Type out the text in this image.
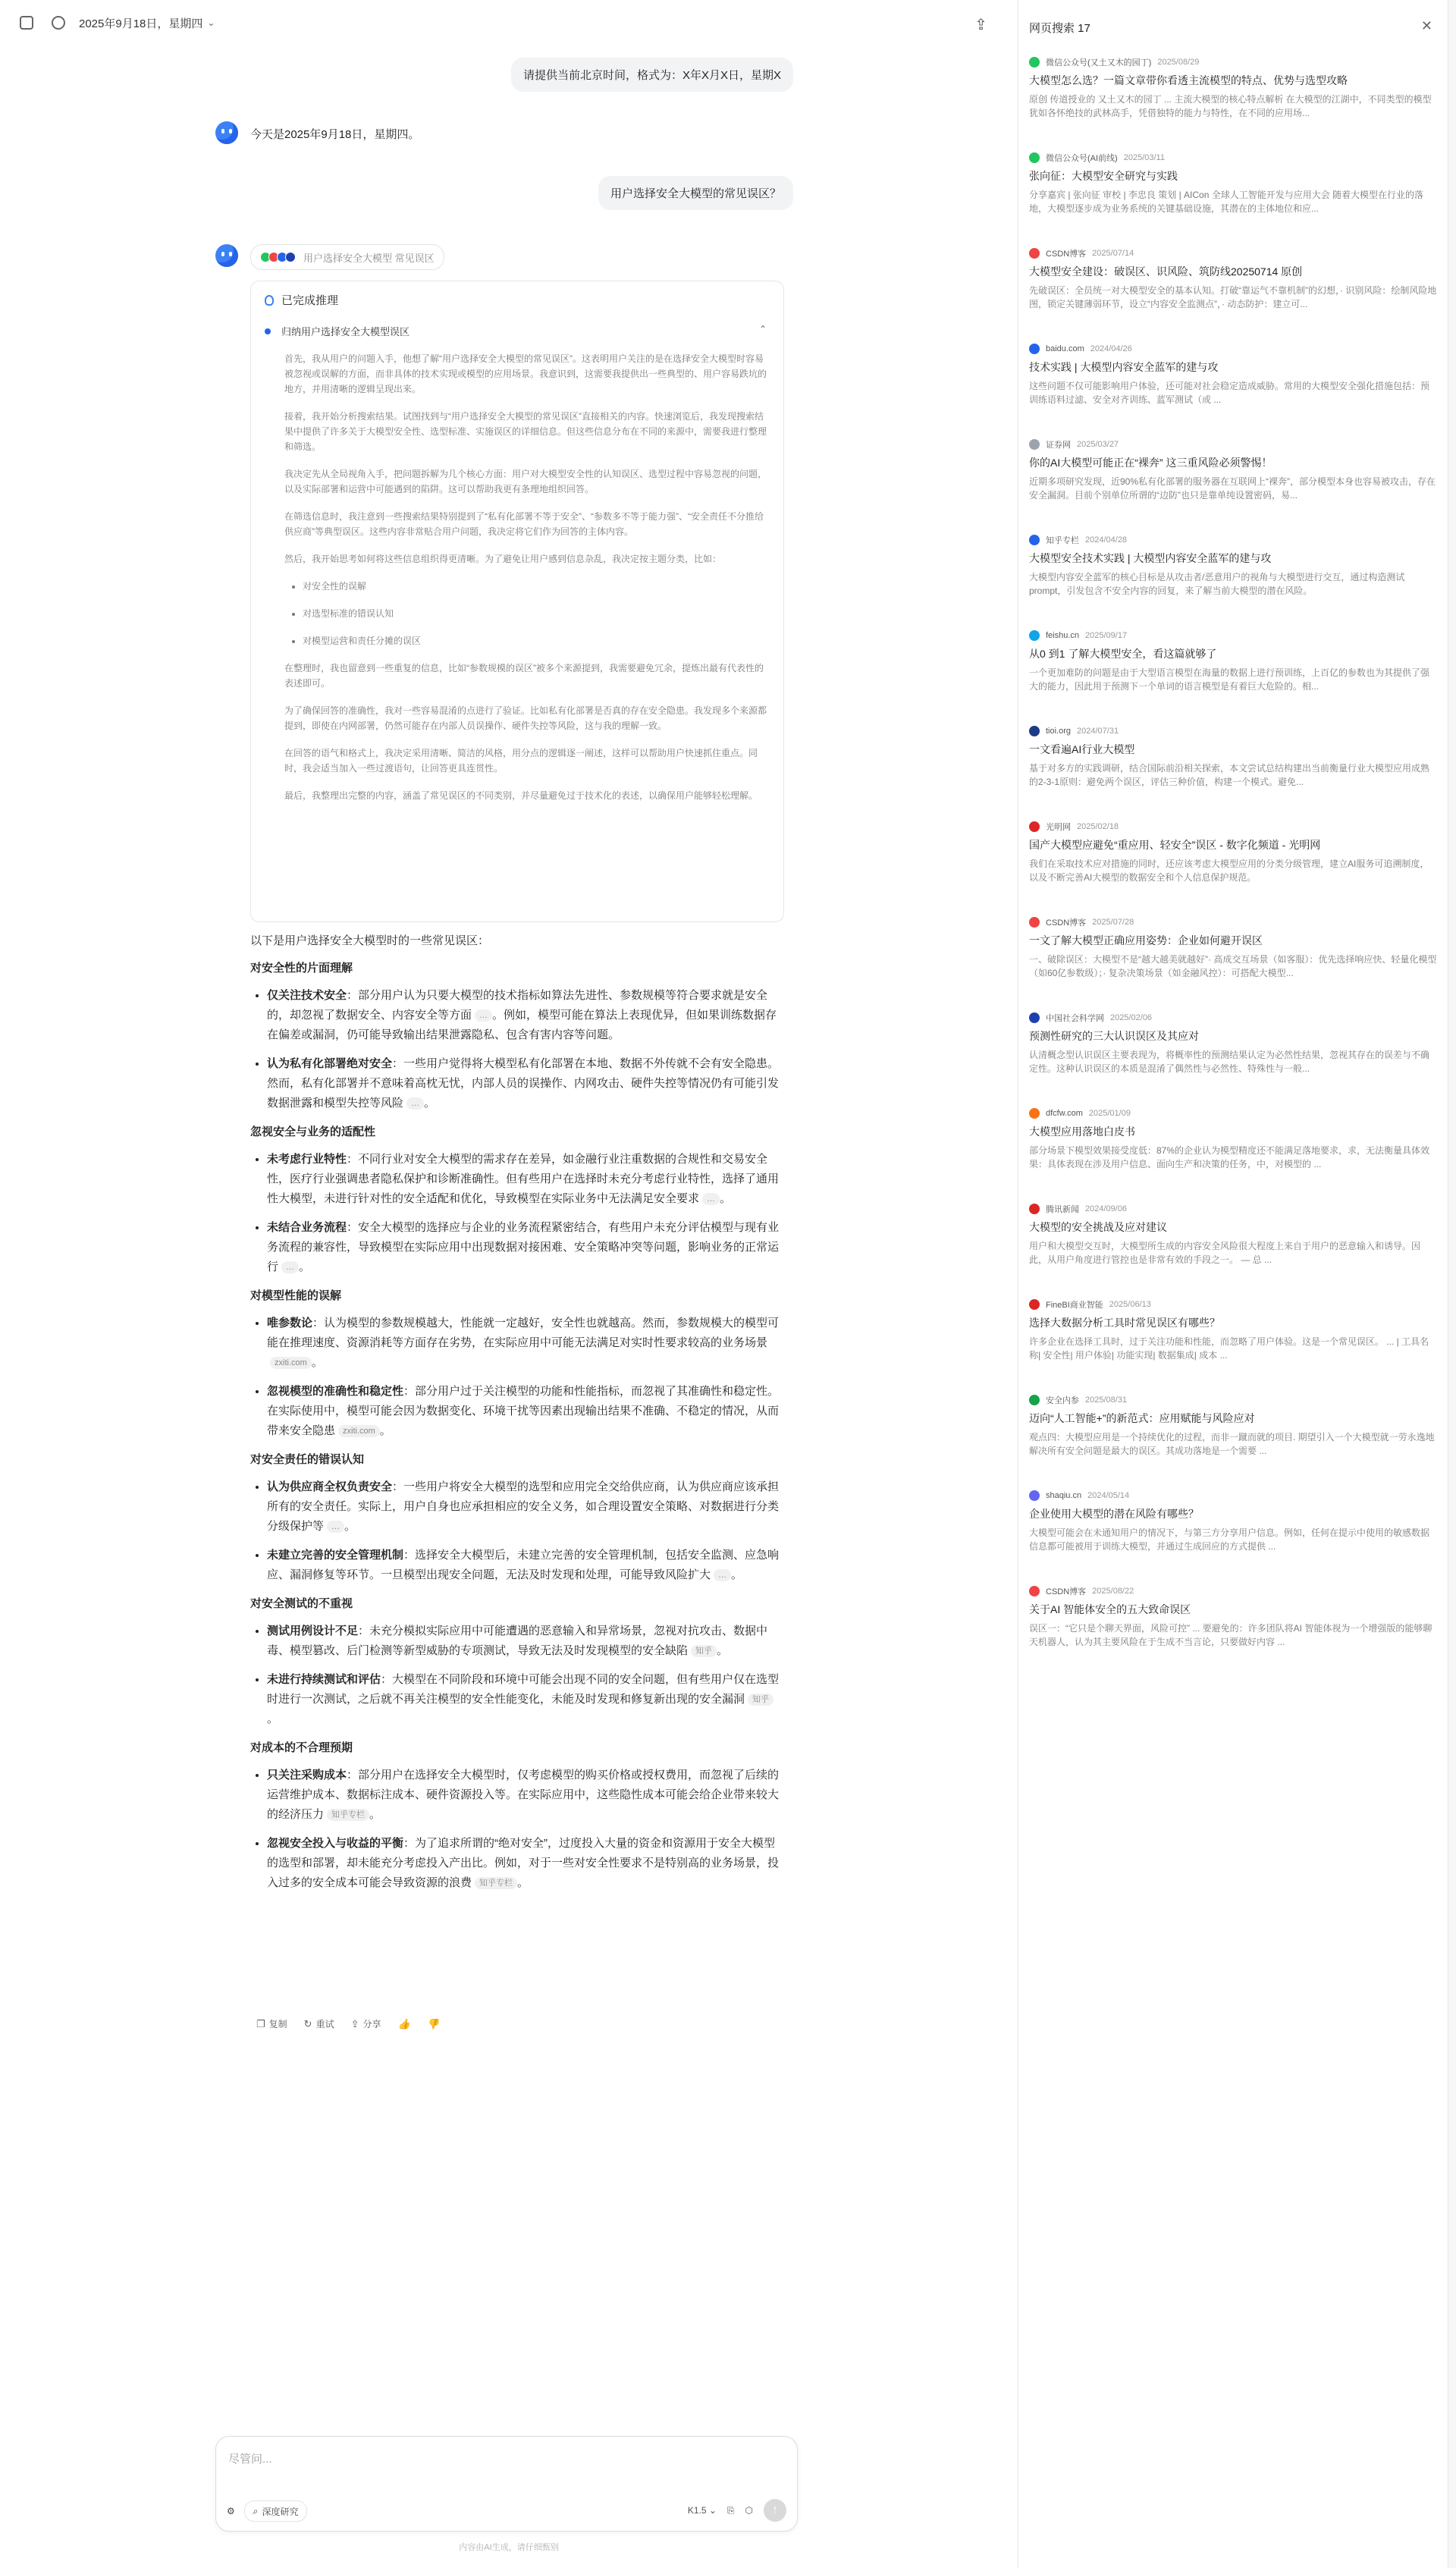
2025年9月18日，星期四 ⌄	⇪
请提供当前北京时间，格式为：X年X月X日，星期X
今天是2025年9月18日，星期四。
用户选择安全大模型的常见误区？
用户选择安全大模型 常见误区
已完成推理
归纳用户选择安全大模型误区	⌃

首先，我从用户的问题入手，他想了解“用户选择安全大模型的常见误区”。这表明用户关注的是在选择安全大模型时容易被忽视或误解的方面，而非具体的技术实现或模型的应用场景。我意识到，这需要我提供出一些典型的、用户容易跌坑的地方，并用清晰的逻辑呈现出来。

接着，我开始分析搜索结果。试图找到与“用户选择安全大模型的常见误区”直接相关的内容。快速浏览后，我发现搜索结果中提供了许多关于大模型安全性、选型标准、实施误区的详细信息。但这些信息分布在不同的来源中，需要我进行整理和筛选。

我决定先从全局视角入手，把问题拆解为几个核心方面：用户对大模型安全性的认知误区、选型过程中容易忽视的问题，以及实际部署和运营中可能遇到的陷阱。这可以帮助我更有条理地组织回答。

在筛选信息时，我注意到一些搜索结果特别提到了“私有化部署不等于安全”、“参数多不等于能力强”、“安全责任不分推给供应商”等典型误区。这些内容非常贴合用户问题，我决定将它们作为回答的主体内容。

然后，我开始思考如何将这些信息组织得更清晰。为了避免让用户感到信息杂乱，我决定按主题分类，比如：

• 对安全性的误解
• 对选型标准的错误认知
• 对模型运营和责任分摊的误区

在整理时，我也留意到一些重复的信息，比如“参数规模的误区”被多个来源提到，我需要避免冗余，提炼出最有代表性的表述即可。

为了确保回答的准确性，我对一些容易混淆的点进行了验证。比如私有化部署是否真的存在安全隐患。我发现多个来源都提到，即使在内网部署，仍然可能存在内部人员误操作、硬件失控等风险，这与我的理解一致。

在回答的语气和格式上，我决定采用清晰、简洁的风格，用分点的逻辑逐一阐述，这样可以帮助用户快速抓住重点。同时，我会适当加入一些过渡语句，让回答更具连贯性。

最后，我整理出完整的内容，涵盖了常见误区的不同类别，并尽量避免过于技术化的表述，以确保用户能够轻松理解。

以下是用户选择安全大模型时的一些常见误区：

对安全性的片面理解
• 仅关注技术安全：部分用户认为只要大模型的技术指标如算法先进性、参数规模等符合要求就是安全的，却忽视了数据安全、内容安全等方面 … 。例如，模型可能在算法上表现优异，但如果训练数据存在偏差或漏洞，仍可能导致输出结果泄露隐私、包含有害内容等问题。
• 认为私有化部署绝对安全：一些用户觉得将大模型私有化部署在本地、数据不外传就不会有安全隐患。然而，私有化部署并不意味着高枕无忧，内部人员的误操作、内网攻击、硬件失控等情况仍有可能引发数据泄露和模型失控等风险 … 。
忽视安全与业务的适配性
• 未考虑行业特性：不同行业对安全大模型的需求存在差异，如金融行业注重数据的合规性和交易安全性，医疗行业强调患者隐私保护和诊断准确性。但有些用户在选择时未充分考虑行业特性，选择了通用性大模型，未进行针对性的安全适配和优化，导致模型在实际业务中无法满足安全要求 … 。
• 未结合业务流程：安全大模型的选择应与企业的业务流程紧密结合，有些用户未充分评估模型与现有业务流程的兼容性，导致模型在实际应用中出现数据对接困难、安全策略冲突等问题，影响业务的正常运行 … 。
对模型性能的误解
• 唯参数论：认为模型的参数规模越大，性能就一定越好，安全性也就越高。然而，参数规模大的模型可能在推理速度、资源消耗等方面存在劣势，在实际应用中可能无法满足对实时性要求较高的业务场景zxiti.com 。
• 忽视模型的准确性和稳定性：部分用户过于关注模型的功能和性能指标，而忽视了其准确性和稳定性。在实际使用中，模型可能会因为数据变化、环境干扰等因素出现输出结果不准确、不稳定的情况，从而带来安全隐患 zxiti.com 。
对安全责任的错误认知
• 认为供应商全权负责安全：一些用户将安全大模型的选型和应用完全交给供应商，认为供应商应该承担所有的安全责任。实际上，用户自身也应承担相应的安全义务，如合理设置安全策略、对数据进行分类分级保护等 … 。
• 未建立完善的安全管理机制：选择安全大模型后，未建立完善的安全管理机制，包括安全监测、应急响应、漏洞修复等环节。一旦模型出现安全问题，无法及时发现和处理，可能导致风险扩大 … 。
对安全测试的不重视
• 测试用例设计不足：未充分模拟实际应用中可能遭遇的恶意输入和异常场景，忽视对抗攻击、数据中毒、模型篡改、后门检测等新型威胁的专项测试，导致无法及时发现模型的安全缺陷 知乎 。
• 未进行持续测试和评估：大模型在不同阶段和环境中可能会出现不同的安全问题，但有些用户仅在选型时进行一次测试，之后就不再关注模型的安全性能变化，未能及时发现和修复新出现的安全漏洞 知乎。
对成本的不合理预期
• 只关注采购成本：部分用户在选择安全大模型时，仅考虑模型的购买价格或授权费用，而忽视了后续的运营维护成本、数据标注成本、硬件资源投入等。在实际应用中，这些隐性成本可能会给企业带来较大的经济压力 知乎专栏 。
• 忽视安全投入与收益的平衡：为了追求所谓的“绝对安全”，过度投入大量的资金和资源用于安全大模型的选型和部署，却未能充分考虑投入产出比。例如，对于一些对安全性要求不是特别高的业务场景，投入过多的安全成本可能会导致资源的浪费 知乎专栏 。
❐ 复制 ↻ 重试 ⇪ 分享 👍 👎
尽管问...
⚙ ⌕ 深度研究	K1.5 ⌄ ⎘ ⬡ ↑
内容由AI生成，请仔细甄别
网页搜索 17	✕
微信公众号(又土又木的园丁) 2025/08/29
大模型怎么选？一篇文章带你看透主流模型的特点、优势与选型攻略
原创 传道授业的 又土又木的园丁 ... 主流大模型的核心特点解析 在大模型的江湖中，不同类型的模型犹如各怀绝技的武林高手，凭借独特的能力与特性，在不同的应用场...
微信公众号(AI前线) 2025/03/11
张向征：大模型安全研究与实践
分享嘉宾 | 张向征 审校 | 李忠良 策划 | AICon 全球人工智能开发与应用大会 随着大模型在行业的落地，大模型逐步成为业务系统的关键基础设施，其潜在的主体地位和应...
CSDN博客 2025/07/14
大模型安全建设：破误区、识风险、筑防线20250714 原创
先破误区：全员统一对大模型安全的基本认知。打破“靠运气不靠机制”的幻想，· 识别风险：绘制风险地图，锁定关键薄弱环节，设立“内容安全监测点”，· 动态防护：建立可...
baidu.com 2024/04/26
技术实践 | 大模型内容安全蓝军的建与攻
这些问题不仅可能影响用户体验，还可能对社会稳定造成威胁。常用的大模型安全强化措施包括：预训练语料过滤、安全对齐训练、蓝军测试（或 ...
证券网 2025/03/27
你的AI大模型可能正在“裸奔” 这三重风险必须警惕！
近期多项研究发现，近90%私有化部署的服务器在互联网上“裸奔”，部分模型本身也容易被攻击，存在安全漏洞。目前个别单位所谓的“边防”也只是靠单纯设置密码，易...
知乎专栏 2024/04/28
大模型安全技术实践 | 大模型内容安全蓝军的建与攻
大模型内容安全蓝军的核心目标是从攻击者/恶意用户的视角与大模型进行交互，通过构造测试prompt，引发包含不安全内容的回复，来了解当前大模型的潜在风险。
feishu.cn 2025/09/17
从0 到1 了解大模型安全，看这篇就够了
一个更加难防的问题是由于大型语言模型在海量的数据上进行预训练，上百亿的参数也为其提供了强大的能力，因此用于预测下一个单词的语言模型是有着巨大危险的。相...
tioi.org 2024/07/31
一文看遍AI行业大模型
基于对多方的实践调研，结合国际前沿相关探索，本文尝试总结构建出当前衡量行业大模型应用成熟的2-3-1原则：避免两个误区，评估三种价值，构建一个模式。避免...
光明网 2025/02/18
国产大模型应避免“重应用、轻安全”误区 - 数字化频道 - 光明网
我们在采取技术应对措施的同时，还应该考虑大模型应用的分类分级管理，建立AI服务可追溯制度，以及不断完善AI大模型的数据安全和个人信息保护规范。
CSDN博客 2025/07/28
一文了解大模型正确应用姿势：企业如何避开误区
一、破除误区：大模型不是“越大越美就越好”· 高成交互场景（如客服）：优先选择响应快、轻量化模型（如60亿参数级）；· 复杂决策场景（如金融风控）：可搭配大模型...
中国社会科学网 2025/02/06
预测性研究的三大认识误区及其应对
认清概念型认识误区主要表现为，将概率性的预测结果认定为必然性结果，忽视其存在的误差与不确定性。这种认识误区的本质是混淆了偶然性与必然性、特殊性与一般...
dfcfw.com 2025/01/09
大模型应用落地白皮书
部分场景下模型效果接受度低：87%的企业认为模型精度还不能满足落地要求，求，无法衡量具体效果：具体表现在涉及用户信息、面向生产和决策的任务，中，对模型的 ...
腾讯新闻 2024/09/06
大模型的安全挑战及应对建议
用户和大模型交互时，大模型所生成的内容安全风险很大程度上来自于用户的恶意输入和诱导。因此，从用户角度进行管控也是非常有效的手段之一。 — 总 ...
FineBI商业智能 2025/06/13
选择大数据分析工具时常见误区有哪些？
许多企业在选择工具时，过于关注功能和性能，而忽略了用户体验。这是一个常见误区。 ... | 工具名称| 安全性| 用户体验| 功能实现| 数据集成| 成本 ...
安全内参 2025/08/31
迈向“人工智能+”的新范式：应用赋能与风险应对
观点四：大模型应用是一个持续优化的过程，而非一蹴而就的项目. 期望引入一个大模型就一劳永逸地解决所有安全问题是最大的误区。其成功落地是一个需要 ...
shaqiu.cn 2024/05/14
企业使用大模型的潜在风险有哪些？
大模型可能会在未通知用户的情况下，与第三方分享用户信息。例如，任何在提示中使用的敏感数据信息都可能被用于训练大模型，并通过生成回应的方式提供 ...
CSDN博客 2025/08/22
关于AI 智能体安全的五大致命误区
误区一：“它只是个聊天界面，风险可控” ... 要避免的：许多团队将AI 智能体视为一个增强版的能够聊天机器人，认为其主要风险在于生成不当言论，只要做好内容 ...
